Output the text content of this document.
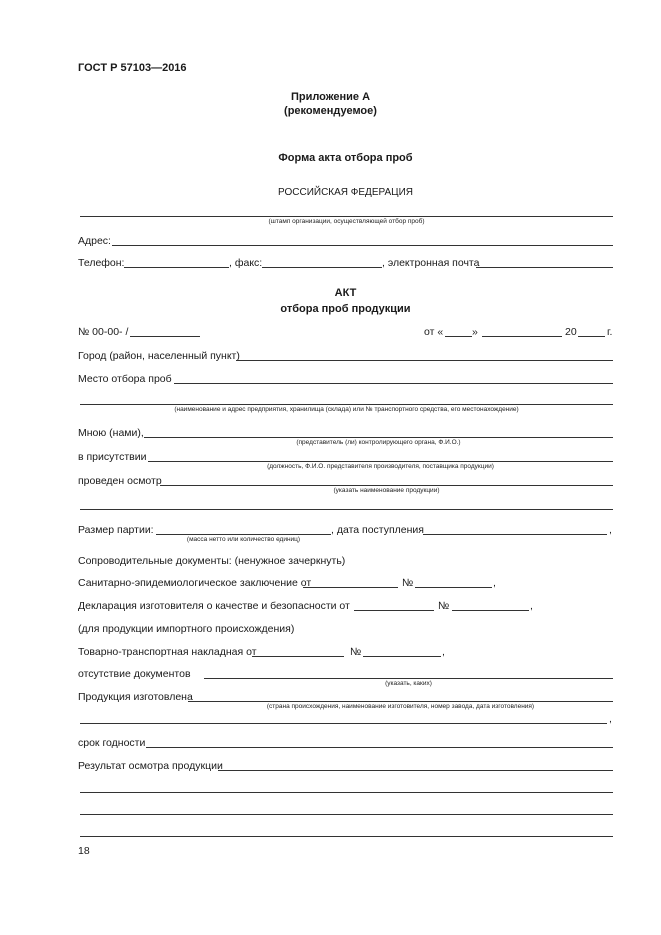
ГОСТ Р 57103—2016
Приложение А
(рекомендуемое)
Форма акта отбора проб
РОССИЙСКАЯ ФЕДЕРАЦИЯ
(штамп организации, осуществляющей отбор проб)
Адрес:
Телефон:	, факс:	, электронная почта
АКТ
отбора проб продукции
№ 00-00- /	от «	»	20	г.
Город (район, населенный пункт)
Место отбора проб
(наименование и адрес предприятия, хранилища (склада) или № транспортного средства, его местонахождение)
Мною (нами),
(представитель (ли) контролирующего органа, Ф.И.О.)
в присутствии
(должность, Ф.И.О. представителя производителя, поставщика продукции)
проведен осмотр
(указать наименование продукции)
Размер партии:
(масса нетто или количество единиц)
, дата поступления	,
Сопроводительные документы: (ненужное зачеркнуть)
Санитарно-эпидемиологическое заключение от	№	,
Декларация изготовителя о качестве и безопасности от	№	,
(для продукции импортного происхождения)
Товарно-транспортная накладная от	№	,
отсутствие документов
(указать, каких)
Продукция изготовлена
(страна происхождения, наименование изготовителя, номер завода, дата изготовления)
,
срок годности
Результат осмотра продукции
18
